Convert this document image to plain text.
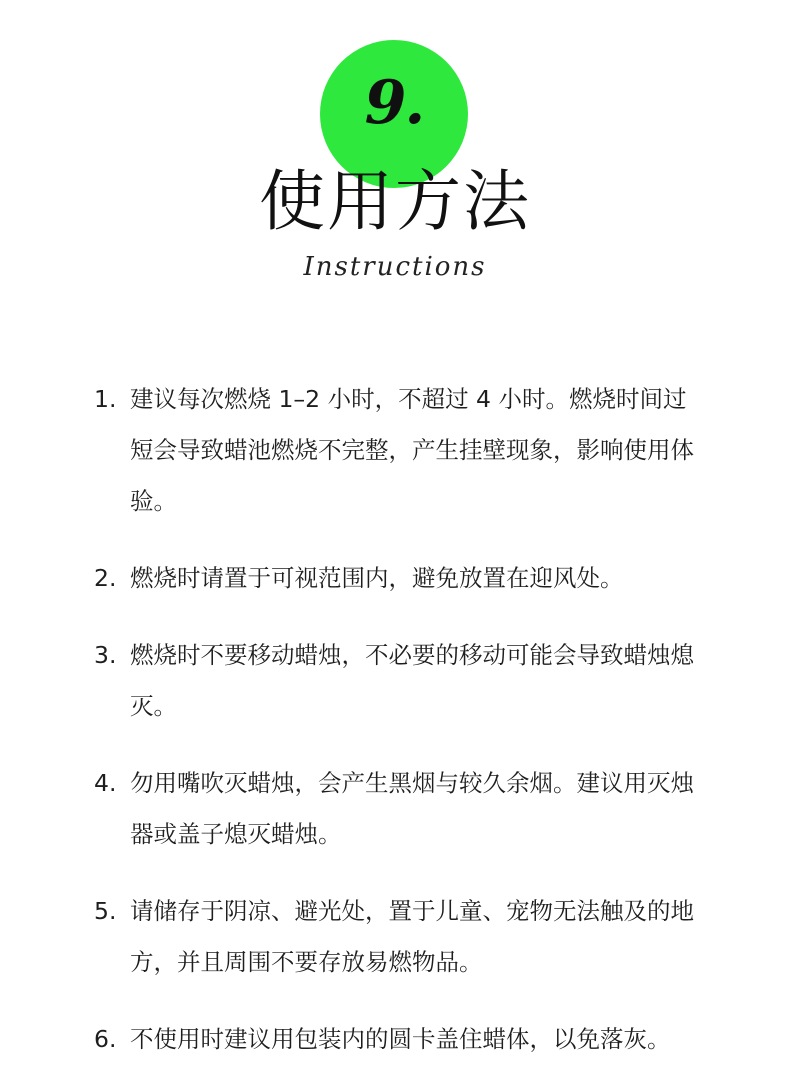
9.
使用方法
Instructions
1. 建议每次燃烧 1–2 小时，不超过 4 小时。燃烧时间过短会导致蜡池燃烧不完整，产生挂壁现象，影响使用体验。
2. 燃烧时请置于可视范围内，避免放置在迎风处。
3. 燃烧时不要移动蜡烛，不必要的移动可能会导致蜡烛熄灭。
4. 勿用嘴吹灭蜡烛，会产生黑烟与较久余烟。建议用灭烛器或盖子熄灭蜡烛。
5. 请储存于阴凉、避光处，置于儿童、宠物无法触及的地方，并且周围不要存放易燃物品。
6. 不使用时建议用包装内的圆卡盖住蜡体，以免落灰。
